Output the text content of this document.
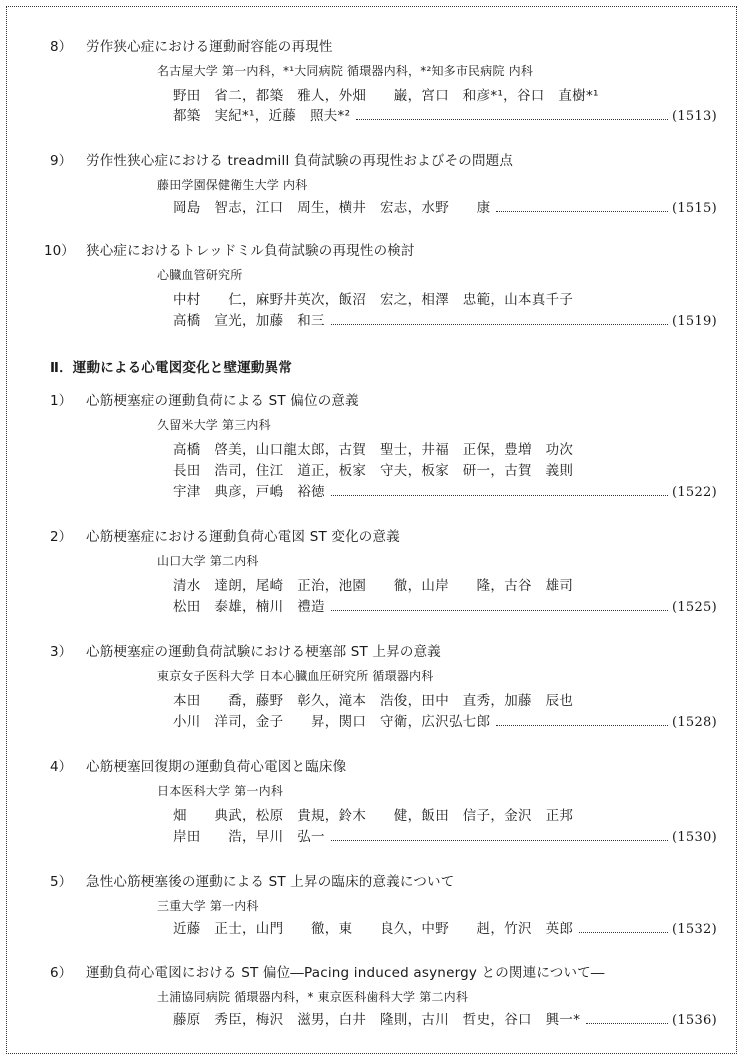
8） 労作狭心症における運動耐容能の再現性
名古屋大学 第一内科，*¹大同病院 循環器内科，*²知多市民病院 内科
野田　省二，都築　雅人，外畑　　巌，宮口　和彦*¹，谷口　直樹*¹
都築　実紀*¹，近藤　照夫*²	(1513)
9） 労作性狭心症における treadmill 負荷試験の再現性およびその問題点
藤田学園保健衛生大学 内科
岡島　智志，江口　周生，横井　宏志，水野　　康	(1515)
10） 狭心症におけるトレッドミル負荷試験の再現性の検討
心臓血管研究所
中村　　仁，麻野井英次，飯沼　宏之，相澤　忠範，山本真千子
高橋　宣光，加藤　和三	(1519)
Ⅱ．運動による心電図変化と壁運動異常
1） 心筋梗塞症の運動負荷による ST 偏位の意義
久留米大学 第三内科
高橋　啓美，山口龍太郎，古賀　聖士，井福　正保，豊増　功次
長田　浩司，住江　道正，板家　守夫，板家　研一，古賀　義則
宇津　典彦，戸嶋　裕徳	(1522)
2） 心筋梗塞症における運動負荷心電図 ST 変化の意義
山口大学 第二内科
清水　達朗，尾崎　正治，池園　　徹，山岸　　隆，古谷　雄司
松田　泰雄，楠川　禮造	(1525)
3） 心筋梗塞症の運動負荷試験における梗塞部 ST 上昇の意義
東京女子医科大学 日本心臓血圧研究所 循環器内科
本田　　喬，藤野　彰久，滝本　浩俊，田中　直秀，加藤　辰也
小川　洋司，金子　　昇，関口　守衛，広沢弘七郎	(1528)
4） 心筋梗塞回復期の運動負荷心電図と臨床像
日本医科大学 第一内科
畑　　典武，松原　貴規，鈴木　　健，飯田　信子，金沢　正邦
岸田　　浩，早川　弘一	(1530)
5） 急性心筋梗塞後の運動による ST 上昇の臨床的意義について
三重大学 第一内科
近藤　正士，山門　　徹，東　　良久，中野　　赳，竹沢　英郎	(1532)
6） 運動負荷心電図における ST 偏位―Pacing induced asynergy との関連について―
土浦協同病院 循環器内科，* 東京医科歯科大学 第二内科
藤原　秀臣，梅沢　滋男，白井　隆則，古川　哲史，谷口　興一*	(1536)
